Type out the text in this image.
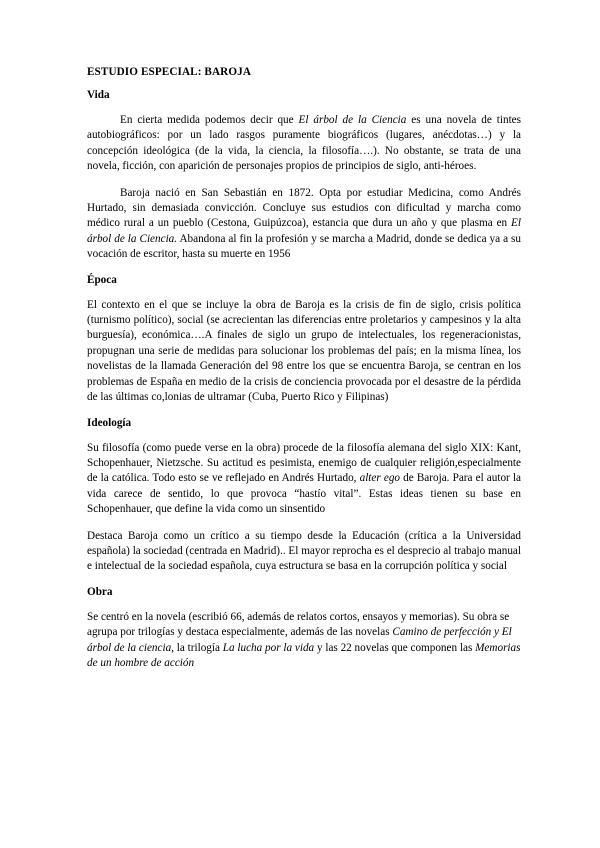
ESTUDIO ESPECIAL: BAROJA
Vida

En cierta medida podemos decir que El árbol de la Ciencia es una novela de tintes autobiográficos: por un lado rasgos puramente biográficos (lugares, anécdotas…) y la concepción ideológica (de la vida, la ciencia, la filosofía….). No obstante, se trata de una novela, ficción, con aparición de personajes propios de principios de siglo, anti-héroes.

Baroja nació en San Sebastián en 1872. Opta por estudiar Medicina, como Andrés Hurtado, sin demasiada convicción. Concluye sus estudios con dificultad y marcha como médico rural a un pueblo (Cestona, Guipúzcoa), estancia que dura un año y que plasma en El árbol de la Ciencia. Abandona al fin la profesión y se marcha a Madrid, donde se dedica ya a su vocación de escritor, hasta su muerte en 1956

Época

El contexto en el que se incluye la obra de Baroja es la crisis de fin de siglo, crisis política (turnismo político), social (se acrecientan las diferencias entre proletarios y campesinos y la alta burguesía), económica….A finales de siglo un grupo de intelectuales, los regeneracionistas, propugnan una serie de medidas para solucionar los problemas del país; en la misma línea, los novelistas de la llamada Generación del 98 entre los que se encuentra Baroja, se centran en los problemas de España en medio de la crisis de conciencia provocada por el desastre de la pérdida de las últimas co,lonias de ultramar (Cuba, Puerto Rico y Filipinas)

Ideología

Su filosofía (como puede verse en la obra) procede de la filosofía alemana del siglo XIX: Kant, Schopenhauer, Nietzsche. Su actitud es pesimista, enemigo de cualquier religión,especialmente de la católica. Todo esto se ve reflejado en Andrés Hurtado, alter ego de Baroja. Para el autor la vida carece de sentido, lo que provoca “hastío vital”. Estas ideas tienen su base en Schopenhauer, que define la vida como un sinsentido

Destaca Baroja como un crítico a su tiempo desde la Educación (crítica a la Universidad española) la sociedad (centrada en Madrid).. El mayor reprocha es el desprecio al trabajo manual e intelectual de la sociedad española, cuya estructura se basa en la corrupción política y social

Obra

Se centró en la novela (escribió 66, además de relatos cortos, ensayos y memorias). Su obra se agrupa por trilogías y destaca especialmente, además de las novelas Camino de perfección y El árbol de la ciencia, la trilogía La lucha por la vida y las 22 novelas que componen las Memorias de un hombre de acción
